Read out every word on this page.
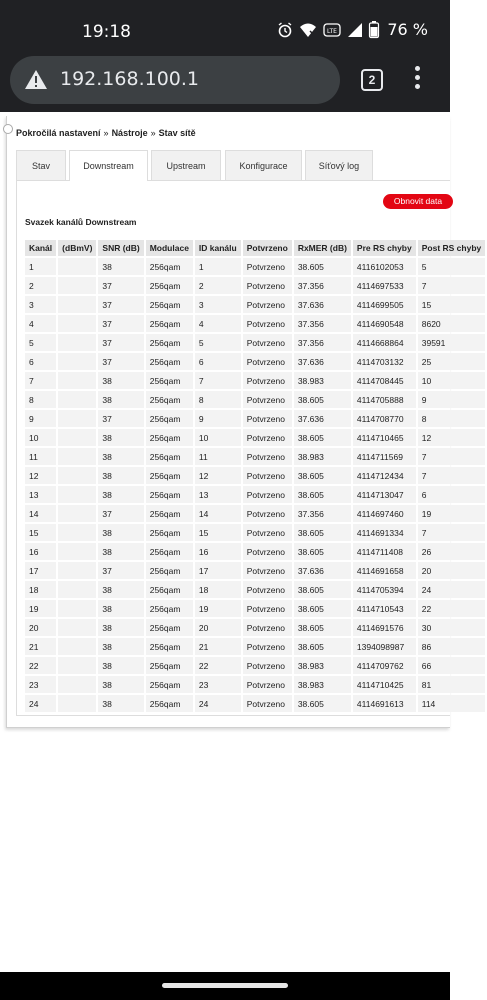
19:18	LTE	76 %
192.168.100.1	2
Pokročilá nastavení » Nástroje » Stav sítě
Stav	Downstream	Upstream	Konfigurace	Síťový log
Obnovit data
Svazek kanálů Downstream
Kanál	(dBmV)	SNR (dB)	Modulace	ID kanálu	Potvrzeno	RxMER (dB)	Pre RS chyby	Post RS chyby
1		38	256qam	1	Potvrzeno	38.605	4116102053	5
2		37	256qam	2	Potvrzeno	37.356	4114697533	7
3		37	256qam	3	Potvrzeno	37.636	4114699505	15
4		37	256qam	4	Potvrzeno	37.356	4114690548	8620
5		37	256qam	5	Potvrzeno	37.356	4114668864	39591
6		37	256qam	6	Potvrzeno	37.636	4114703132	25
7		38	256qam	7	Potvrzeno	38.983	4114708445	10
8		38	256qam	8	Potvrzeno	38.605	4114705888	9
9		37	256qam	9	Potvrzeno	37.636	4114708770	8
10		38	256qam	10	Potvrzeno	38.605	4114710465	12
11		38	256qam	11	Potvrzeno	38.983	4114711569	7
12		38	256qam	12	Potvrzeno	38.605	4114712434	7
13		38	256qam	13	Potvrzeno	38.605	4114713047	6
14		37	256qam	14	Potvrzeno	37.356	4114697460	19
15		38	256qam	15	Potvrzeno	38.605	4114691334	7
16		38	256qam	16	Potvrzeno	38.605	4114711408	26
17		37	256qam	17	Potvrzeno	37.636	4114691658	20
18		38	256qam	18	Potvrzeno	38.605	4114705394	24
19		38	256qam	19	Potvrzeno	38.605	4114710543	22
20		38	256qam	20	Potvrzeno	38.605	4114691576	30
21		38	256qam	21	Potvrzeno	38.605	1394098987	86
22		38	256qam	22	Potvrzeno	38.983	4114709762	66
23		38	256qam	23	Potvrzeno	38.983	4114710425	81
24		38	256qam	24	Potvrzeno	38.605	4114691613	114
